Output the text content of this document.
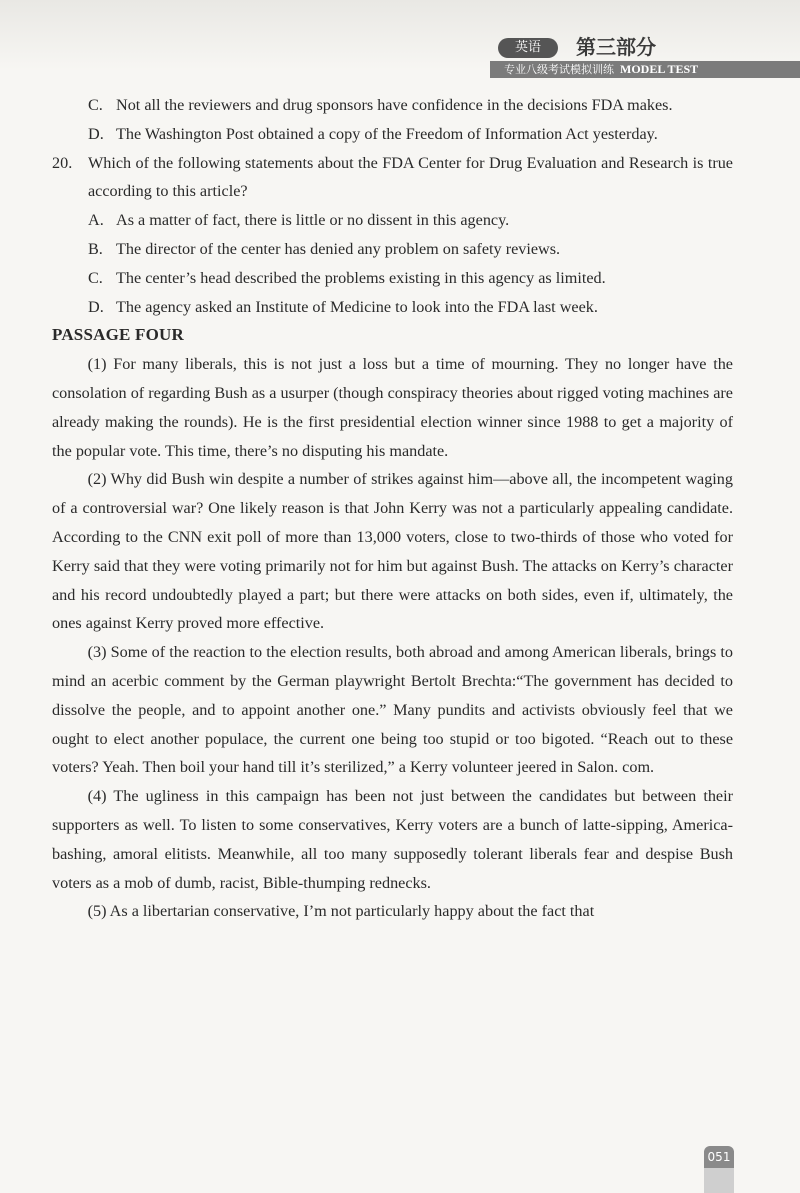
英语	第三部分
专业八级考试模拟训练 MODEL TEST

C. Not all the reviewers and drug sponsors have confidence in the decisions FDA makes.

D. The Washington Post obtained a copy of the Freedom of Information Act yesterday.

20. Which of the following statements about the FDA Center for Drug Evaluation and Research is true according to this article?

A. As a matter of fact, there is little or no dissent in this agency.

B. The director of the center has denied any problem on safety reviews.

C. The center’s head described the problems existing in this agency as limited.

D. The agency asked an Institute of Medicine to look into the FDA last week.

PASSAGE FOUR

(1) For many liberals, this is not just a loss but a time of mourning. They no longer have the consolation of regarding Bush as a usurper (though conspiracy theories about rigged voting machines are already making the rounds). He is the first presidential election winner since 1988 to get a majority of the popular vote. This time, there’s no disputing his mandate.

(2) Why did Bush win despite a number of strikes against him—above all, the incompetent waging of a controversial war? One likely reason is that John Kerry was not a particularly appealing candidate. According to the CNN exit poll of more than 13,000 voters, close to two-thirds of those who voted for Kerry said that they were voting primarily not for him but against Bush. The attacks on Kerry’s character and his record undoubtedly played a part; but there were attacks on both sides, even if, ultimately, the ones against Kerry proved more effective.

(3) Some of the reaction to the election results, both abroad and among American liberals, brings to mind an acerbic comment by the German playwright Bertolt Brechta:“The government has decided to dissolve the people, and to appoint another one.” Many pundits and activists obviously feel that we ought to elect another populace, the current one being too stupid or too bigoted. “Reach out to these voters? Yeah. Then boil your hand till it’s sterilized,” a Kerry volunteer jeered in Salon. com.

(4) The ugliness in this campaign has been not just between the candidates but between their supporters as well. To listen to some conservatives, Kerry voters are a bunch of latte-sipping, America-bashing, amoral elitists. Meanwhile, all too many supposedly tolerant liberals fear and despise Bush voters as a mob of dumb, racist, Bible-thumping rednecks.

(5) As a libertarian conservative, I’m not particularly happy about the fact that

051
